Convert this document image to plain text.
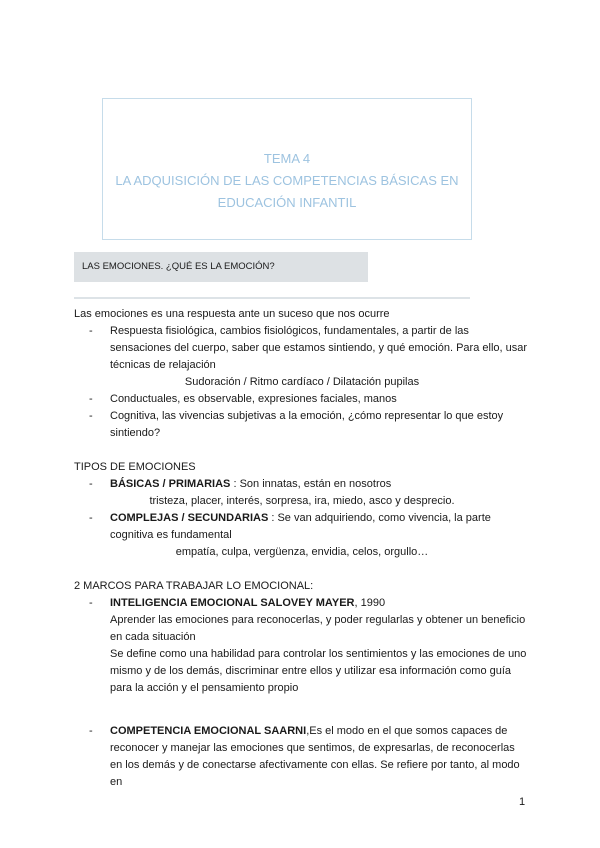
TEMA 4
LA ADQUISICIÓN DE LAS COMPETENCIAS BÁSICAS EN
EDUCACIÓN INFANTIL
LAS EMOCIONES. ¿QUÉ ES LA EMOCIÓN?

Las emociones es una respuesta ante un suceso que nos ocurre

- Respuesta fisiológica, cambios fisiológicos, fundamentales, a partir de las sensaciones del cuerpo, saber que estamos sintiendo, y qué emoción. Para ello, usar técnicas de relajación
Sudoración / Ritmo cardíaco / Dilatación pupilas
- Conductuales, es observable, expresiones faciales, manos
- Cognitiva, las vivencias subjetivas a la emoción, ¿cómo representar lo que estoy sintiendo?

TIPOS DE EMOCIONES

- BÁSICAS / PRIMARIAS : Son innatas, están en nosotros
tristeza, placer, interés, sorpresa, ira, miedo, asco y desprecio.
- COMPLEJAS / SECUNDARIAS : Se van adquiriendo, como vivencia, la parte cognitiva es fundamental
empatía, culpa, vergüenza, envidia, celos, orgullo…

2 MARCOS PARA TRABAJAR LO EMOCIONAL:

- INTELIGENCIA EMOCIONAL SALOVEY MAYER, 1990
Aprender las emociones para reconocerlas, y poder regularlas y obtener un beneficio en cada situación
Se define como una habilidad para controlar los sentimientos y las emociones de uno mismo y de los demás, discriminar entre ellos y utilizar esa información como guía para la acción y el pensamiento propio
- COMPETENCIA EMOCIONAL SAARNI,Es el modo en el que somos capaces de reconocer y manejar las emociones que sentimos, de expresarlas, de reconocerlas en los demás y de conectarse afectivamente con ellas. Se refiere por tanto, al modo en
1
